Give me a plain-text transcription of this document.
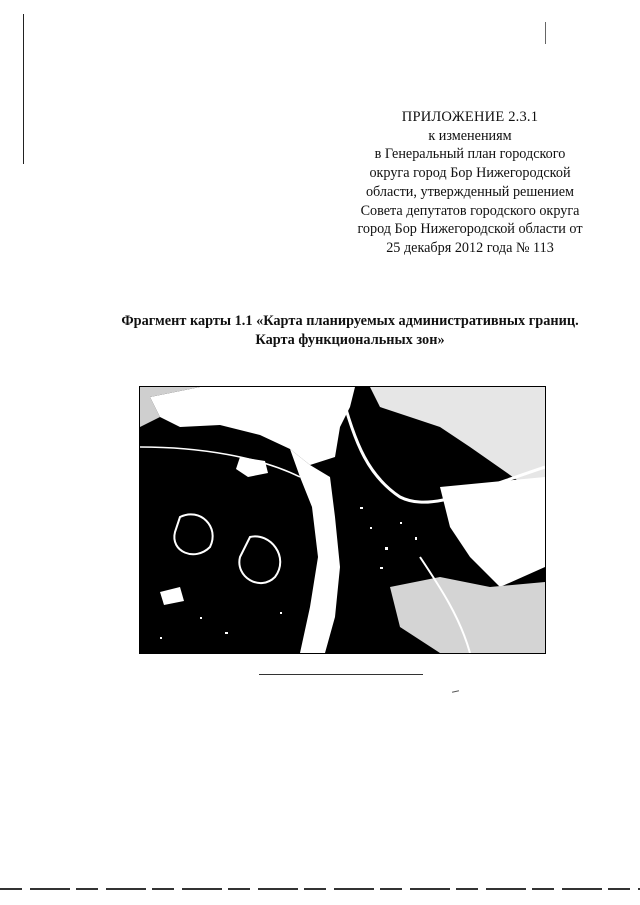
ПРИЛОЖЕНИЕ 2.3.1
к изменениям
в Генеральный план городского
округа город Бор Нижегородской
области, утвержденный решением
Совета депутатов городского округа
город Бор Нижегородской области от
25 декабря 2012 года № 113
Фрагмент карты 1.1 «Карта планируемых административных границ.
Карта функциональных зон»
